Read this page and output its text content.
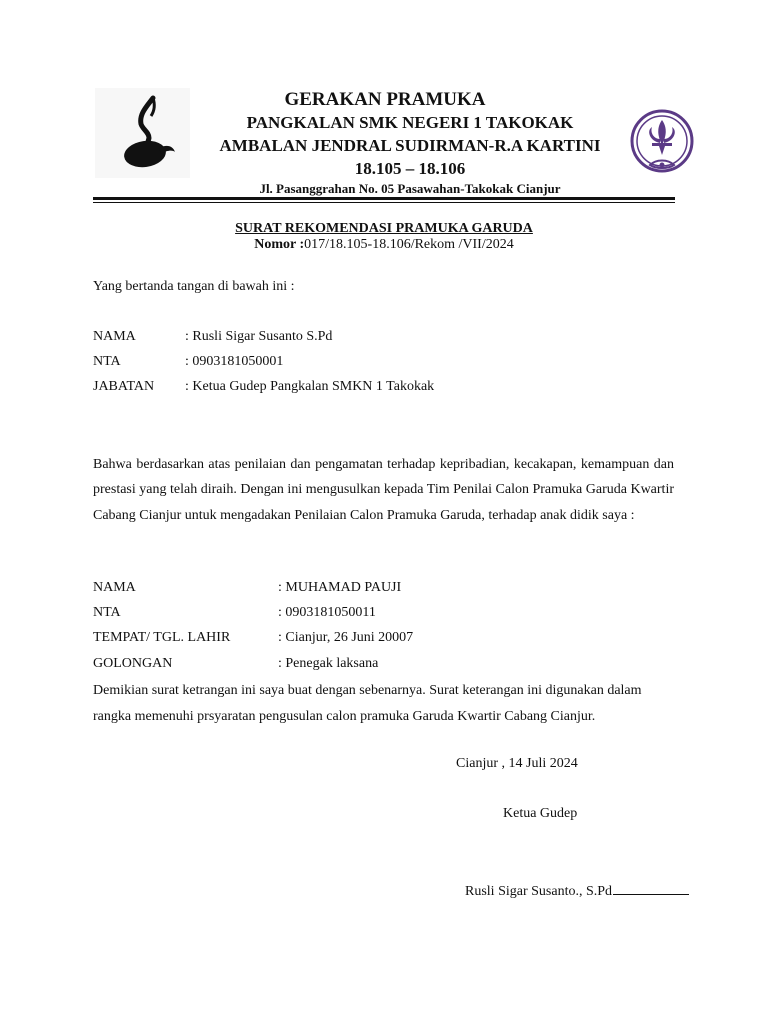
GERAKAN PRAMUKA
PANGKALAN SMK NEGERI 1 TAKOKAK
AMBALAN JENDRAL SUDIRMAN-R.A KARTINI
18.105 – 18.106
Jl. Pasanggrahan No. 05 Pasawahan-Takokak Cianjur
SURAT REKOMENDASI PRAMUKA GARUDA
Nomor :017/18.105-18.106/Rekom /VII/2024
Yang bertanda tangan di bawah ini :
NAMA	: Rusli Sigar Susanto S.Pd
NTA	: 0903181050001
JABATAN : Ketua Gudep Pangkalan SMKN 1 Takokak
Bahwa berdasarkan atas penilaian dan pengamatan terhadap kepribadian, kecakapan, kemampuan dan prestasi yang telah diraih. Dengan ini mengusulkan kepada Tim Penilai Calon Pramuka Garuda Kwartir Cabang Cianjur untuk mengadakan Penilaian Calon Pramuka Garuda, terhadap anak didik saya :
NAMA	: MUHAMAD PAUJI
NTA	: 0903181050011
TEMPAT/ TGL. LAHIR	: Cianjur, 26 Juni 20007
GOLONGAN	: Penegak laksana
Demikian surat ketrangan ini saya buat dengan sebenarnya. Surat keterangan ini digunakan dalam rangka memenuhi prsyaratan pengusulan calon pramuka Garuda Kwartir Cabang Cianjur.
Cianjur , 14 Juli 2024
Ketua Gudep
Rusli Sigar Susanto., S.Pd
